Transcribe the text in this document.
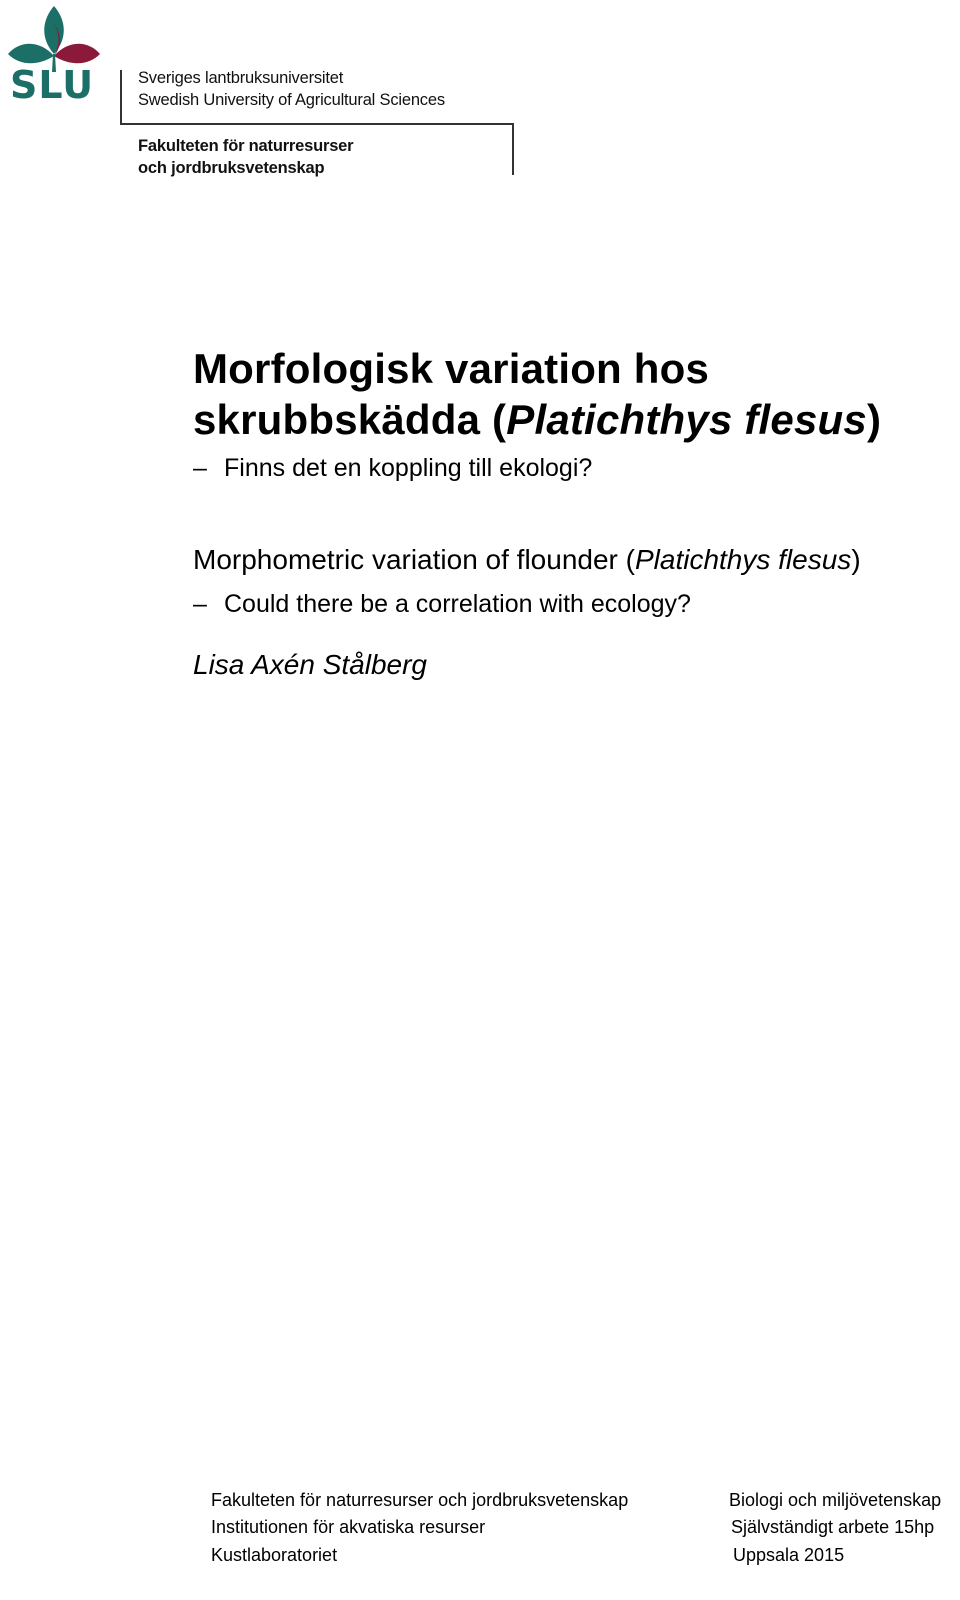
SLU	Sveriges lantbruksuniversitet
Swedish University of Agricultural Sciences
Fakulteten för naturresurser
och jordbruksvetenskap
Morfologisk variation hos
skrubbskädda (Platichthys flesus)
– Finns det en koppling till ekologi?
Morphometric variation of flounder (Platichthys flesus)
– Could there be a correlation with ecology?
Lisa Axén Stålberg
Fakulteten för naturresurser och jordbruksvetenskap
Institutionen för akvatiska resurser
Kustlaboratoriet
Biologi och miljövetenskap
Självständigt arbete 15hp
Uppsala 2015
